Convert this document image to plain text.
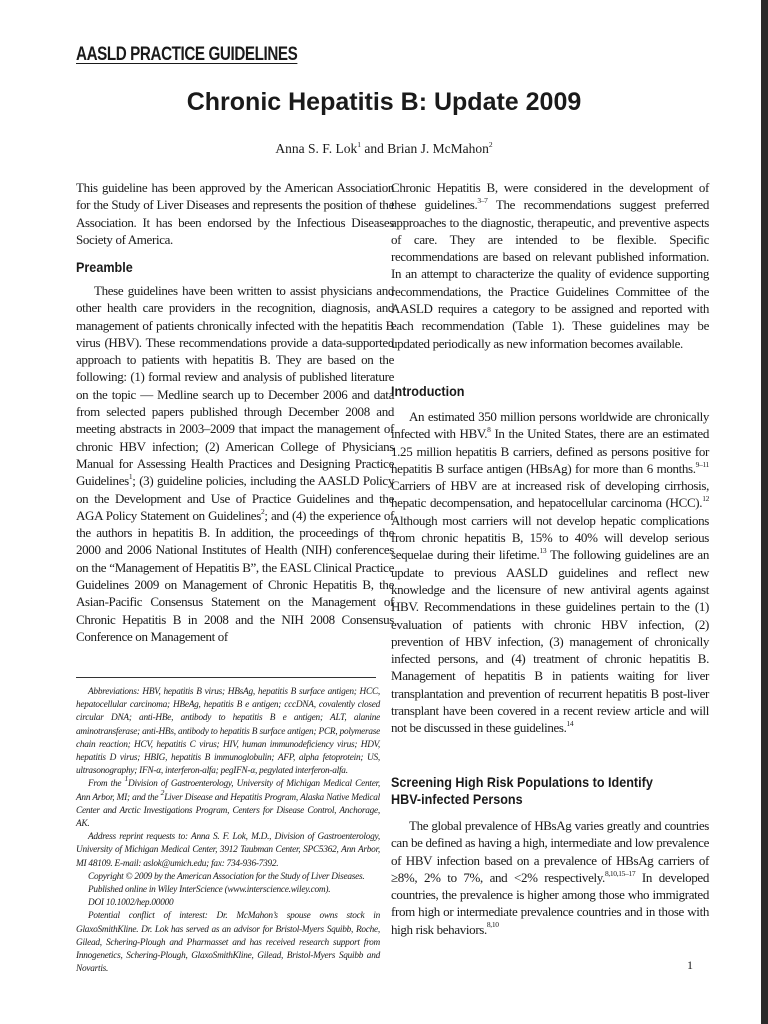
AASLD PRACTICE GUIDELINES
Chronic Hepatitis B: Update 2009
Anna S. F. Lok$^1$ and Brian J. McMahon$^2$

This guideline has been approved by the American Association for the Study of Liver Diseases and represents the position of the Association. It has been endorsed by the Infectious Diseases Society of America.

Preamble

These guidelines have been written to assist physicians and other health care providers in the recognition, diagnosis, and management of patients chronically infected with the hepatitis B virus (HBV). These recommendations provide a data-supported approach to patients with hepatitis B. They are based on the following: (1) formal review and analysis of published literature on the topic — Medline search up to December 2006 and data from selected papers published through December 2008 and meeting abstracts in 2003–2009 that impact the management of chronic HBV infection; (2) American College of Physicians Manual for Assessing Health Practices and Designing Practice Guidelines$^1$; (3) guideline policies, including the AASLD Policy on the Development and Use of Practice Guidelines and the AGA Policy Statement on Guidelines$^2$; and (4) the experience of the authors in hepatitis B. In addition, the proceedings of the 2000 and 2006 National Institutes of Health (NIH) conferences on the “Management of Hepatitis B”, the EASL Clinical Practice Guidelines 2009 on Management of Chronic Hepatitis B, the Asian-Pacific Consensus Statement on the Management of Chronic Hepatitis B in 2008 and the NIH 2008 Consensus Conference on Management of

Abbreviations: HBV, hepatitis B virus; HBsAg, hepatitis B surface antigen; HCC, hepatocellular carcinoma; HBeAg, hepatitis B e antigen; cccDNA, covalently closed circular DNA; anti-HBe, antibody to hepatitis B e antigen; ALT, alanine aminotransferase; anti-HBs, antibody to hepatitis B surface antigen; PCR, polymerase chain reaction; HCV, hepatitis C virus; HIV, human immunodeficiency virus; HDV, hepatitis D virus; HBIG, hepatitis B immunoglobulin; AFP, alpha fetoprotein; US, ultrasonography; IFN-α, interferon-alfa; pegIFN-α, pegylated interferon-alfa.

From the $^1$Division of Gastroenterology, University of Michigan Medical Center, Ann Arbor, MI; and the $^2$Liver Disease and Hepatitis Program, Alaska Native Medical Center and Arctic Investigations Program, Centers for Disease Control, Anchorage, AK.

Address reprint requests to: Anna S. F. Lok, M.D., Division of Gastroenterology, University of Michigan Medical Center, 3912 Taubman Center, SPC5362, Ann Arbor, MI 48109. E-mail: aslok@umich.edu; fax: 734-936-7392.

Copyright © 2009 by the American Association for the Study of Liver Diseases.

Published online in Wiley InterScience (www.interscience.wiley.com).

DOI 10.1002/hep.00000

Potential conflict of interest: Dr. McMahon’s spouse owns stock in GlaxoSmithKline. Dr. Lok has served as an advisor for Bristol-Myers Squibb, Roche, Gilead, Schering-Plough and Pharmasset and has received research support from Innogenetics, Schering-Plough, GlaxoSmithKline, Gilead, Bristol-Myers Squibb and Novartis.

Chronic Hepatitis B, were considered in the development of these guidelines.$^{3-7}$ The recommendations suggest preferred approaches to the diagnostic, therapeutic, and preventive aspects of care. They are intended to be flexible. Specific recommendations are based on relevant published information. In an attempt to characterize the quality of evidence supporting recommendations, the Practice Guidelines Committee of the AASLD requires a category to be assigned and reported with each recommendation (Table 1). These guidelines may be updated periodically as new information becomes available.

Introduction

An estimated 350 million persons worldwide are chronically infected with HBV.$^8$ In the United States, there are an estimated 1.25 million hepatitis B carriers, defined as persons positive for hepatitis B surface antigen (HBsAg) for more than 6 months.$^{9-11}$ Carriers of HBV are at increased risk of developing cirrhosis, hepatic decompensation, and hepatocellular carcinoma (HCC).$^{12}$ Although most carriers will not develop hepatic complications from chronic hepatitis B, 15% to 40% will develop serious sequelae during their lifetime.$^{13}$ The following guidelines are an update to previous AASLD guidelines and reflect new knowledge and the licensure of new antiviral agents against HBV. Recommendations in these guidelines pertain to the (1) evaluation of patients with chronic HBV infection, (2) prevention of HBV infection, (3) management of chronically infected persons, and (4) treatment of chronic hepatitis B. Management of hepatitis B in patients waiting for liver transplantation and prevention of recurrent hepatitis B post-liver transplant have been covered in a recent review article and will not be discussed in these guidelines.$^{14}$

Screening High Risk Populations to Identify
HBV-infected Persons

The global prevalence of HBsAg varies greatly and countries can be defined as having a high, intermediate and low prevalence of HBV infection based on a prevalence of HBsAg carriers of ≥8%, 2% to 7%, and <2% respectively.$^{8,10,15-17}$ In developed countries, the prevalence is higher among those who immigrated from high or intermediate prevalence countries and in those with high risk behaviors.$^{8,10}$

1
